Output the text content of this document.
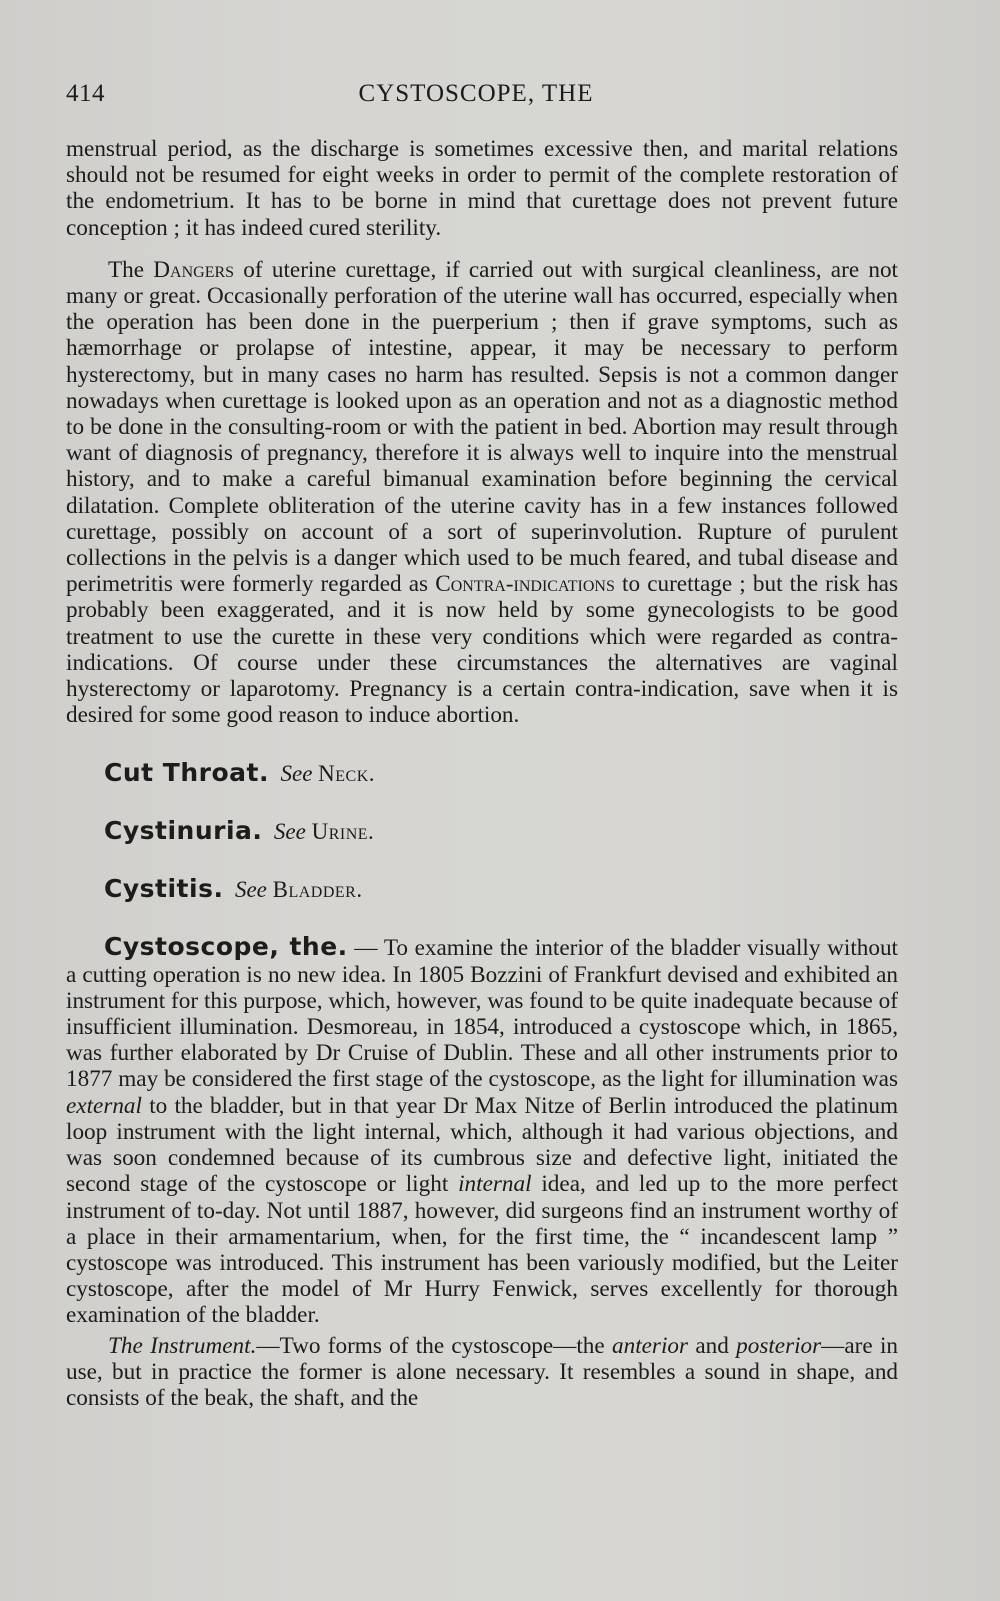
414	CYSTOSCOPE, THE

menstrual period, as the discharge is sometimes excessive then, and marital relations should not be resumed for eight weeks in order to permit of the complete restoration of the endometrium. It has to be borne in mind that curettage does not prevent future conception ; it has indeed cured sterility.

The Dangers of uterine curettage, if carried out with surgical cleanliness, are not many or great. Occasionally perforation of the uterine wall has occurred, especially when the operation has been done in the puerperium ; then if grave symptoms, such as hæmorrhage or prolapse of intestine, appear, it may be necessary to perform hysterectomy, but in many cases no harm has resulted. Sepsis is not a common danger nowadays when curettage is looked upon as an operation and not as a diagnostic method to be done in the consulting-room or with the patient in bed. Abortion may result through want of diagnosis of pregnancy, therefore it is always well to inquire into the menstrual history, and to make a careful bimanual examination before beginning the cervical dilatation. Complete obliteration of the uterine cavity has in a few instances followed curettage, possibly on account of a sort of superinvolution. Rupture of purulent collections in the pelvis is a danger which used to be much feared, and tubal disease and perimetritis were formerly regarded as Contra-indications to curettage ; but the risk has probably been exaggerated, and it is now held by some gynecologists to be good treatment to use the curette in these very conditions which were regarded as contra-indications. Of course under these circumstances the alternatives are vaginal hysterectomy or laparotomy. Pregnancy is a certain contra-indication, save when it is desired for some good reason to induce abortion.

Cut Throat. See Neck.
Cystinuria. See Urine.
Cystitis. See Bladder.

Cystoscope, the. — To examine the interior of the bladder visually without a cutting operation is no new idea. In 1805 Bozzini of Frankfurt devised and exhibited an instrument for this purpose, which, however, was found to be quite inadequate because of insufficient illumination. Desmoreau, in 1854, introduced a cystoscope which, in 1865, was further elaborated by Dr Cruise of Dublin. These and all other instruments prior to 1877 may be considered the first stage of the cystoscope, as the light for illumination was external to the bladder, but in that year Dr Max Nitze of Berlin introduced the platinum loop instrument with the light internal, which, although it had various objections, and was soon condemned because of its cumbrous size and defective light, initiated the second stage of the cystoscope or light internal idea, and led up to the more perfect instrument of to-day. Not until 1887, however, did surgeons find an instrument worthy of a place in their armamentarium, when, for the first time, the “ incandescent lamp ” cystoscope was introduced. This instrument has been variously modified, but the Leiter cystoscope, after the model of Mr Hurry Fenwick, serves excellently for thorough examination of the bladder.

The Instrument.—Two forms of the cystoscope—the anterior and posterior—are in use, but in practice the former is alone necessary. It resembles a sound in shape, and consists of the beak, the shaft, and the
